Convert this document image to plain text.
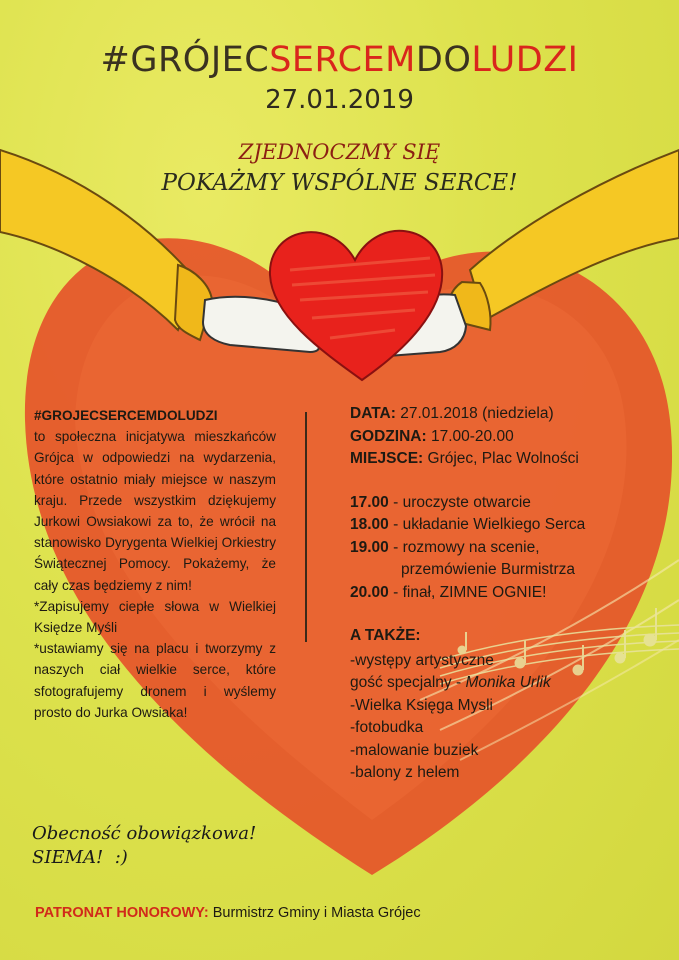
#GRÓJECSERCEMDOLUDZI
27.01.2019
ZJEDNOCZMY SIĘ
POKAŻMY WSPÓLNE SERCE!
#GROJECSERCEMDOLUDZI
to społeczna inicjatywa mieszkańców Grójca w odpowiedzi na wydarzenia, które ostatnio miały miejsce w naszym kraju. Przede wszystkim dziękujemy Jurkowi Owsiakowi za to, że wrócił na stanowisko Dyrygenta Wielkiej Orkiestry Świątecznej Pomocy. Pokażemy, że cały czas będziemy z nim!
*Zapisujemy ciepłe słowa w Wielkiej Księdze Myśli
*ustawiamy się na placu i tworzymy z naszych ciał wielkie serce, które sfotografujemy dronem i wyślemy prosto do Jurka Owsiaka!
DATA: 27.01.2018 (niedziela)
GODZINA: 17.00-20.00
MIEJSCE: Grójec, Plac Wolności
17.00 - uroczyste otwarcie
18.00 - układanie Wielkiego Serca
19.00 - rozmowy na scenie,
przemówienie Burmistrza
20.00 - finał, ZIMNE OGNIE!
A TAKŻE:
-występy artystyczne
gość specjalny - Monika Urlik
-Wielka Księga Mysli
-fotobudka
-malowanie buziek
-balony z helem
Obecność obowiązkowa!
SIEMA!  :)
PATRONAT HONOROWY: Burmistrz Gminy i Miasta Grójec
